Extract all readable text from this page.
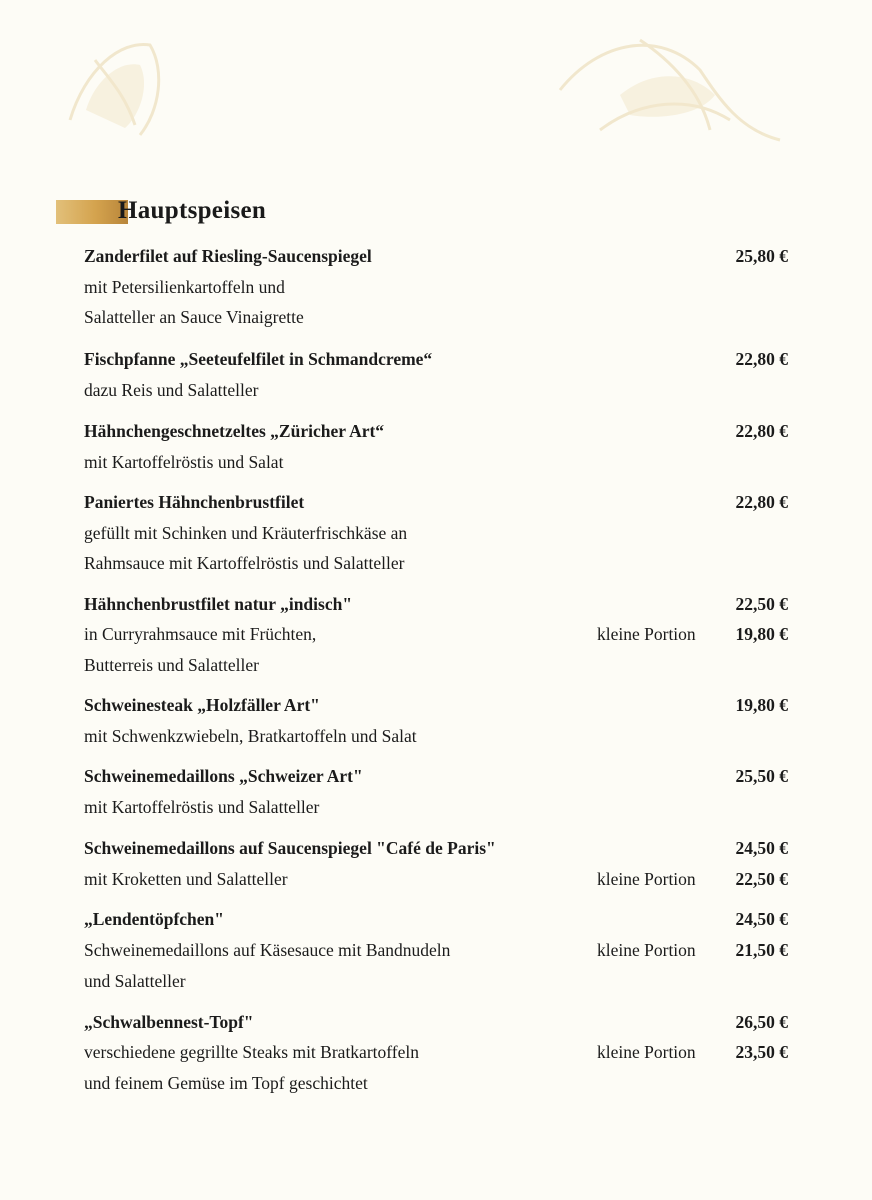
Hauptspeisen
Zanderfilet auf Riesling-Saucenspiegel	25,80 €
mit Petersilienkartoffeln und
Salatteller an Sauce Vinaigrette
Fischpfanne „Seeteufelfilet in Schmandcreme“	22,80 €
dazu Reis und Salatteller
Hähnchengeschnetzeltes „Züricher Art“	22,80 €
mit Kartoffelröstis und Salat
Paniertes Hähnchenbrustfilet	22,80 €
gefüllt mit Schinken und Kräuterfrischkäse an
Rahmsauce mit Kartoffelröstis und Salatteller
Hähnchenbrustfilet natur „indisch"	22,50 €
in Curryrahmsauce mit Früchten,	kleine Portion 19,80 €
Butterreis und Salatteller
Schweinesteak „Holzfäller Art"	19,80 €
mit Schwenkzwiebeln, Bratkartoffeln und Salat
Schweinemedaillons „Schweizer Art"	25,50 €
mit Kartoffelröstis und Salatteller
Schweinemedaillons auf Saucenspiegel "Café de Paris"	24,50 €
mit Kroketten und Salatteller	kleine Portion 22,50 €
„Lendentöpfchen"	24,50 €
Schweinemedaillons auf Käsesauce mit Bandnudeln	kleine Portion 21,50 €
und Salatteller
„Schwalbennest-Topf"	26,50 €
verschiedene gegrillte Steaks mit Bratkartoffeln	kleine Portion 23,50 €
und feinem Gemüse im Topf geschichtet
